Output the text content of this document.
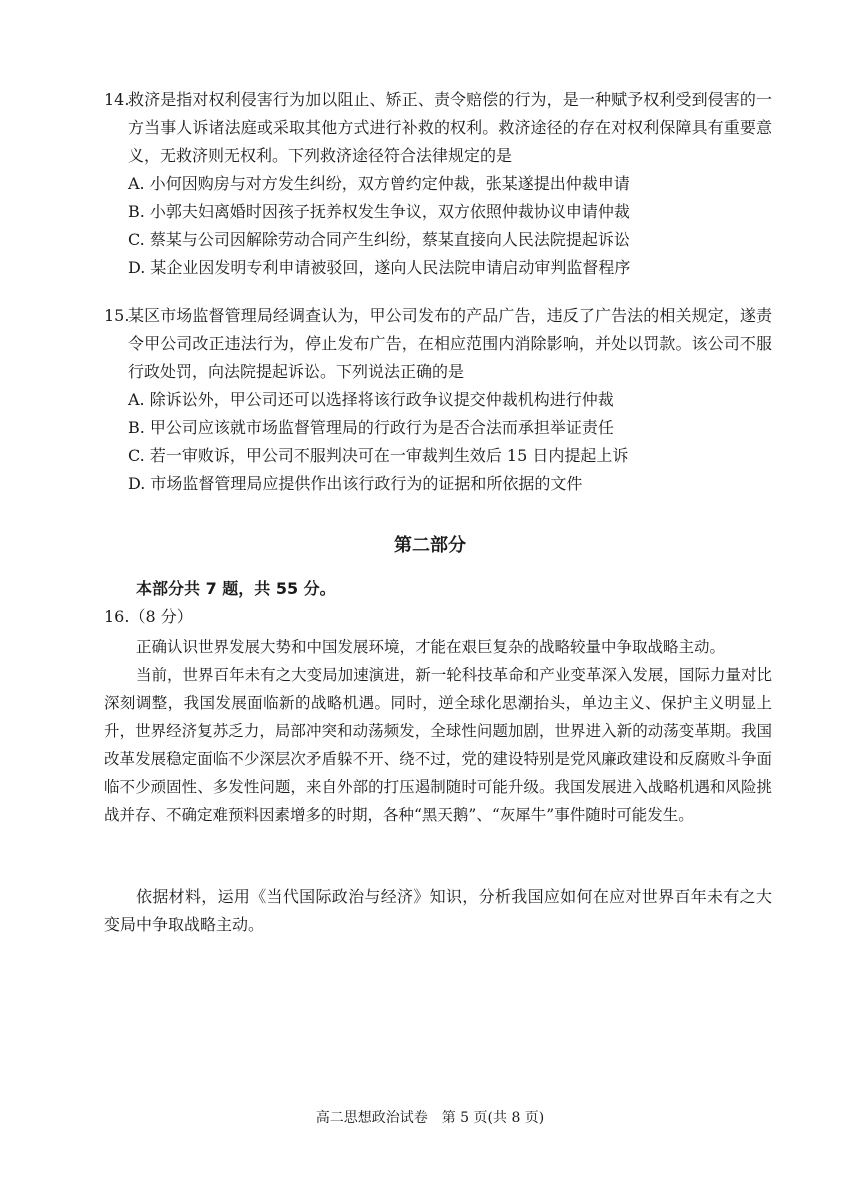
14.
救济是指对权利侵害行为加以阻止、矫正、责令赔偿的行为，是一种赋予权利受到侵害的一方当事人诉诸法庭或采取其他方式进行补救的权利。救济途径的存在对权利保障具有重要意义，无救济则无权利。下列救济途径符合法律规定的是
A. 小何因购房与对方发生纠纷，双方曾约定仲裁，张某遂提出仲裁申请
B. 小郭夫妇离婚时因孩子抚养权发生争议，双方依照仲裁协议申请仲裁
C. 蔡某与公司因解除劳动合同产生纠纷，蔡某直接向人民法院提起诉讼
D. 某企业因发明专利申请被驳回，遂向人民法院申请启动审判监督程序
15.
某区市场监督管理局经调查认为，甲公司发布的产品广告，违反了广告法的相关规定，遂责令甲公司改正违法行为，停止发布广告，在相应范围内消除影响，并处以罚款。该公司不服行政处罚，向法院提起诉讼。下列说法正确的是
A. 除诉讼外，甲公司还可以选择将该行政争议提交仲裁机构进行仲裁
B. 甲公司应该就市场监督管理局的行政行为是否合法而承担举证责任
C. 若一审败诉，甲公司不服判决可在一审裁判生效后 15 日内提起上诉
D. 市场监督管理局应提供作出该行政行为的证据和所依据的文件
第二部分
本部分共 7 题，共 55 分。
16.（8 分）

正确认识世界发展大势和中国发展环境，才能在艰巨复杂的战略较量中争取战略主动。

当前，世界百年未有之大变局加速演进，新一轮科技革命和产业变革深入发展，国际力量对比深刻调整，我国发展面临新的战略机遇。同时，逆全球化思潮抬头，单边主义、保护主义明显上升，世界经济复苏乏力，局部冲突和动荡频发，全球性问题加剧，世界进入新的动荡变革期。我国改革发展稳定面临不少深层次矛盾躲不开、绕不过，党的建设特别是党风廉政建设和反腐败斗争面临不少顽固性、多发性问题，来自外部的打压遏制随时可能升级。我国发展进入战略机遇和风险挑战并存、不确定难预料因素增多的时期，各种“黑天鹅”、“灰犀牛”事件随时可能发生。

依据材料，运用《当代国际政治与经济》知识，分析我国应如何在应对世界百年未有之大变局中争取战略主动。

高二思想政治试卷　第 5 页(共 8 页)
